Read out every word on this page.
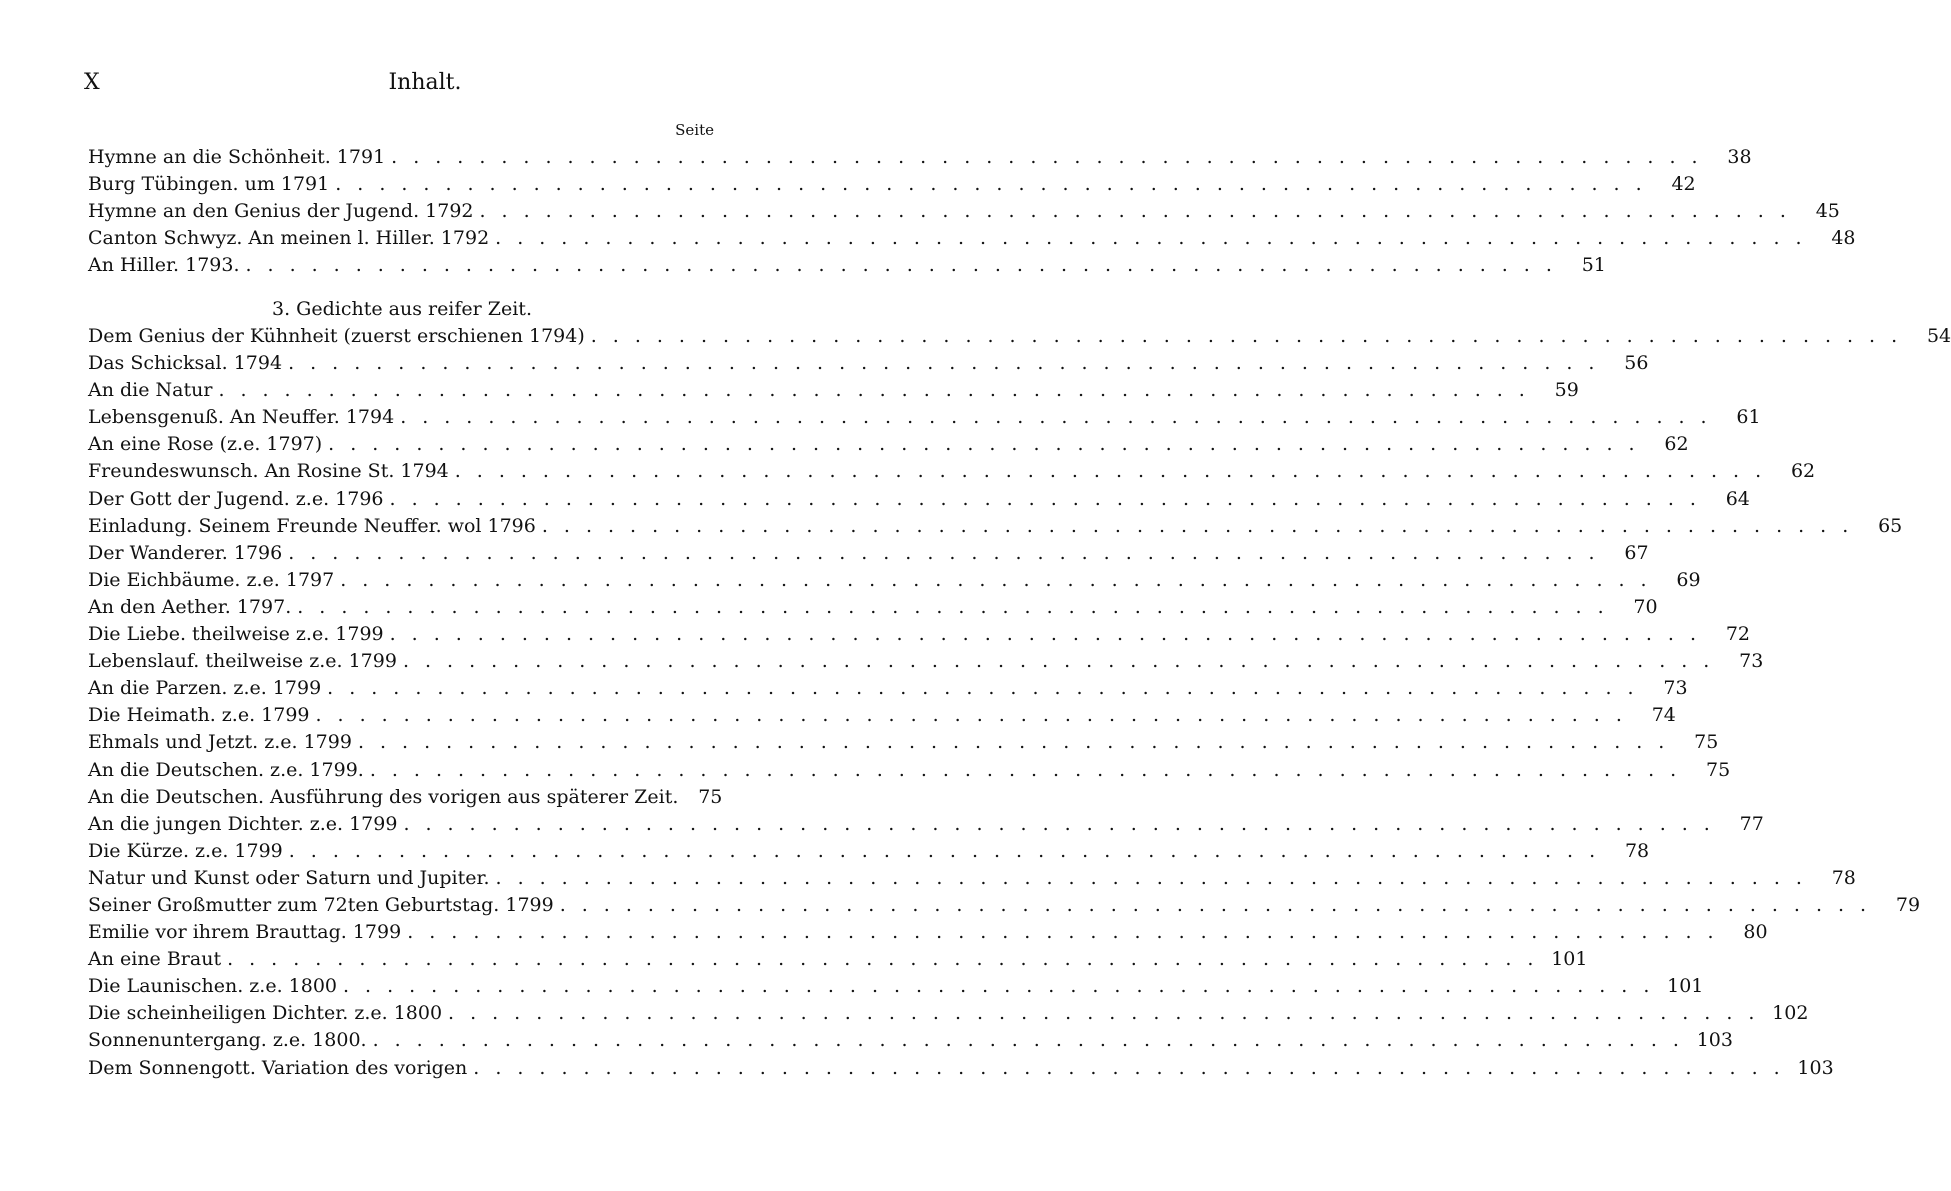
X	Inhalt.
Seite
Hymne an die Schönheit. 1791 ............................................................ 38
Burg Tübingen. um 1791 ............................................................ 42
Hymne an den Genius der Jugend. 1792 ............................................................ 45
Canton Schwyz. An meinen l. Hiller. 1792 ............................................................ 48
An Hiller. 1793. ............................................................ 51
3. Gedichte aus reifer Zeit.
Dem Genius der Kühnheit (zuerst erschienen 1794) ............................................................ 54
Das Schicksal. 1794 ............................................................ 56
An die Natur ............................................................ 59
Lebensgenuß. An Neuffer. 1794 ............................................................ 61
An eine Rose (z.e. 1797) ............................................................ 62
Freundeswunsch. An Rosine St. 1794 ............................................................ 62
Der Gott der Jugend. z.e. 1796 ............................................................ 64
Einladung. Seinem Freunde Neuffer. wol 1796 ............................................................ 65
Der Wanderer. 1796 ............................................................ 67
Die Eichbäume. z.e. 1797 ............................................................ 69
An den Aether. 1797. ............................................................ 70
Die Liebe. theilweise z.e. 1799 ............................................................ 72
Lebenslauf. theilweise z.e. 1799 ............................................................ 73
An die Parzen. z.e. 1799 ............................................................ 73
Die Heimath. z.e. 1799 ............................................................ 74
Ehmals und Jetzt. z.e. 1799 ............................................................ 75
An die Deutschen. z.e. 1799. ............................................................ 75
An die Deutschen. Ausführung des vorigen aus späterer Zeit.	75
An die jungen Dichter. z.e. 1799 ............................................................ 77
Die Kürze. z.e. 1799 ............................................................ 78
Natur und Kunst oder Saturn und Jupiter. ............................................................ 78
Seiner Großmutter zum 72ten Geburtstag. 1799 ............................................................ 79
Emilie vor ihrem Brauttag. 1799 ............................................................ 80
An eine Braut ............................................................ 101
Die Launischen. z.e. 1800 ............................................................ 101
Die scheinheiligen Dichter. z.e. 1800 ............................................................ 102
Sonnenuntergang. z.e. 1800. ............................................................ 103
Dem Sonnengott. Variation des vorigen ............................................................ 103
